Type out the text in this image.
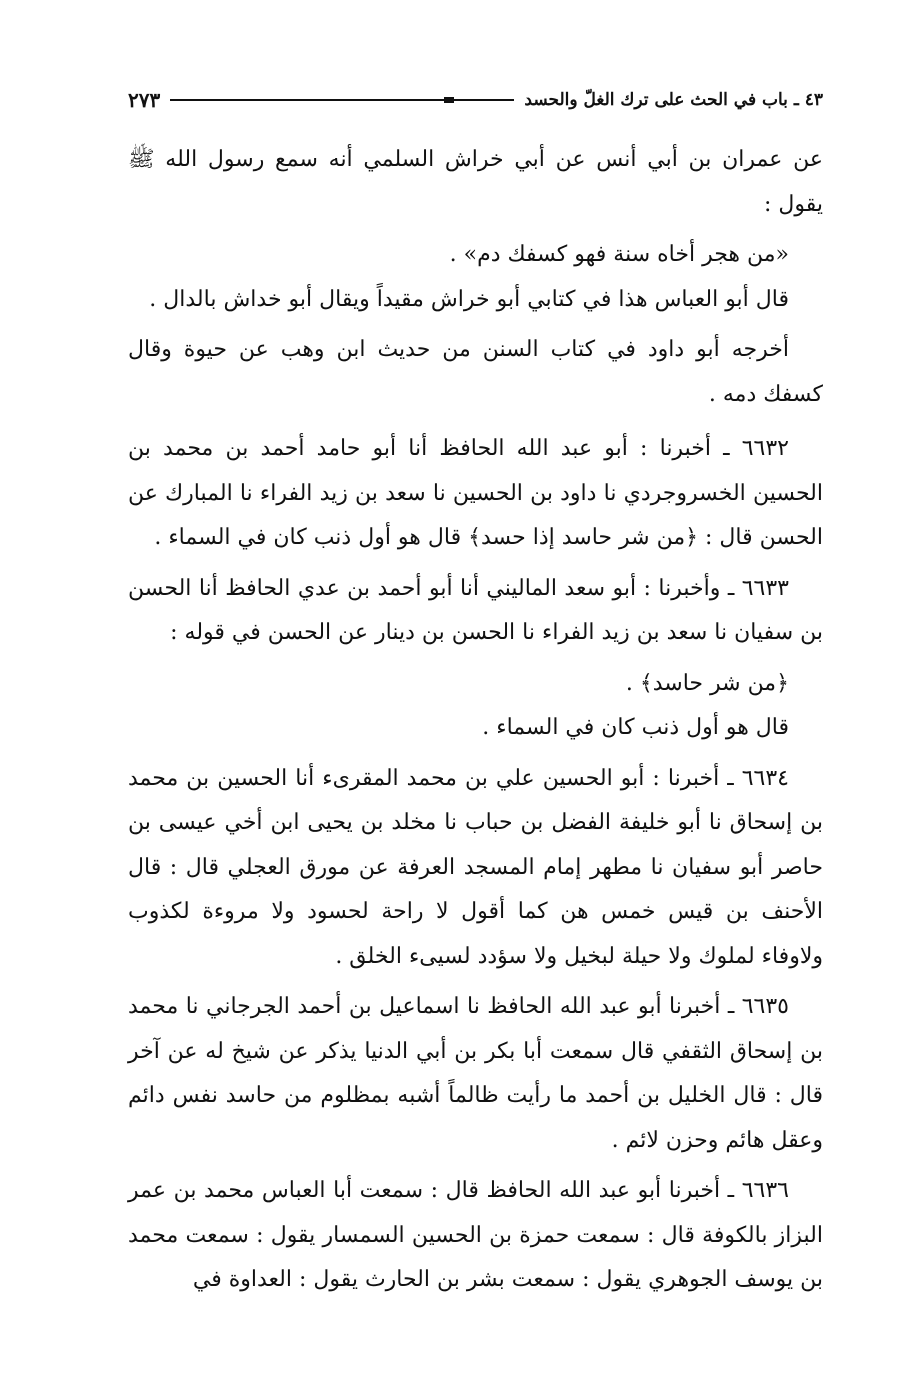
٤٣ ـ باب في الحث على ترك الغلّ والحسد
٢٧٣

عن عمران بن أبي أنس عن أبي خراش السلمي أنه سمع رسول الله ﷺ يقول :

«من هجر أخاه سنة فهو كسفك دم» .

قال أبو العباس هذا في كتابي أبو خراش مقيداً ويقال أبو خداش بالدال .

أخرجه أبو داود في كتاب السنن من حديث ابن وهب عن حيوة وقال كسفك دمه .

٦٦٣٢ ـ أخبرنا : أبو عبد الله الحافظ أنا أبو حامد أحمد بن محمد بن الحسين الخسروجردي نا داود بن الحسين نا سعد بن زيد الفراء نا المبارك عن الحسن قال : ﴿من شر حاسد إذا حسد﴾ قال هو أول ذنب كان في السماء .

٦٦٣٣ ـ وأخبرنا : أبو سعد الماليني أنا أبو أحمد بن عدي الحافظ أنا الحسن بن سفيان نا سعد بن زيد الفراء نا الحسن بن دينار عن الحسن في قوله :

﴿من شر حاسد﴾ .

قال هو أول ذنب كان في السماء .

٦٦٣٤ ـ أخبرنا : أبو الحسين علي بن محمد المقرىء أنا الحسين بن محمد بن إسحاق نا أبو خليفة الفضل بن حباب نا مخلد بن يحيى ابن أخي عيسى بن حاصر أبو سفيان نا مطهر إمام المسجد العرفة عن مورق العجلي قال : قال الأحنف بن قيس خمس هن كما أقول لا راحة لحسود ولا مروءة لكذوب ولاوفاء لملوك ولا حيلة لبخيل ولا سؤدد لسيىء الخلق .

٦٦٣٥ ـ أخبرنا أبو عبد الله الحافظ نا اسماعيل بن أحمد الجرجاني نا محمد بن إسحاق الثقفي قال سمعت أبا بكر بن أبي الدنيا يذكر عن شيخ له عن آخر قال : قال الخليل بن أحمد ما رأيت ظالماً أشبه بمظلوم من حاسد نفس دائم وعقل هائم وحزن لائم .

٦٦٣٦ ـ أخبرنا أبو عبد الله الحافظ قال : سمعت أبا العباس محمد بن عمر البزاز بالكوفة قال : سمعت حمزة بن الحسين السمسار يقول : سمعت محمد بن يوسف الجوهري يقول : سمعت بشر بن الحارث يقول : العداوة في
